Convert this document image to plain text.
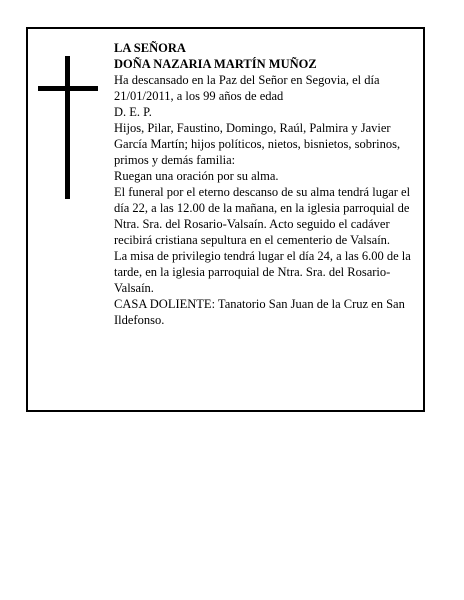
LA SEÑORA

DOÑA NAZARIA MARTÍN MUÑOZ

Ha descansado en la Paz del Señor en Segovia, el día 21/01/2011, a los 99 años de edad

D. E. P.

Hijos, Pilar, Faustino, Domingo, Raúl, Palmira y Javier García Martín; hijos políticos, nietos, bisnietos, sobrinos, primos y demás familia:

Ruegan una oración por su alma.

El funeral por el eterno descanso de su alma tendrá lugar el día 22, a las 12.00 de la mañana, en la iglesia parroquial de Ntra. Sra. del Rosario-Valsaín. Acto seguido el cadáver recibirá cristiana sepultura en el cementerio de Valsaín.

La misa de privilegio tendrá lugar el día 24, a las 6.00 de la tarde, en la iglesia parroquial de Ntra. Sra. del Rosario-Valsaín.

CASA DOLIENTE: Tanatorio San Juan de la Cruz en San Ildefonso.
